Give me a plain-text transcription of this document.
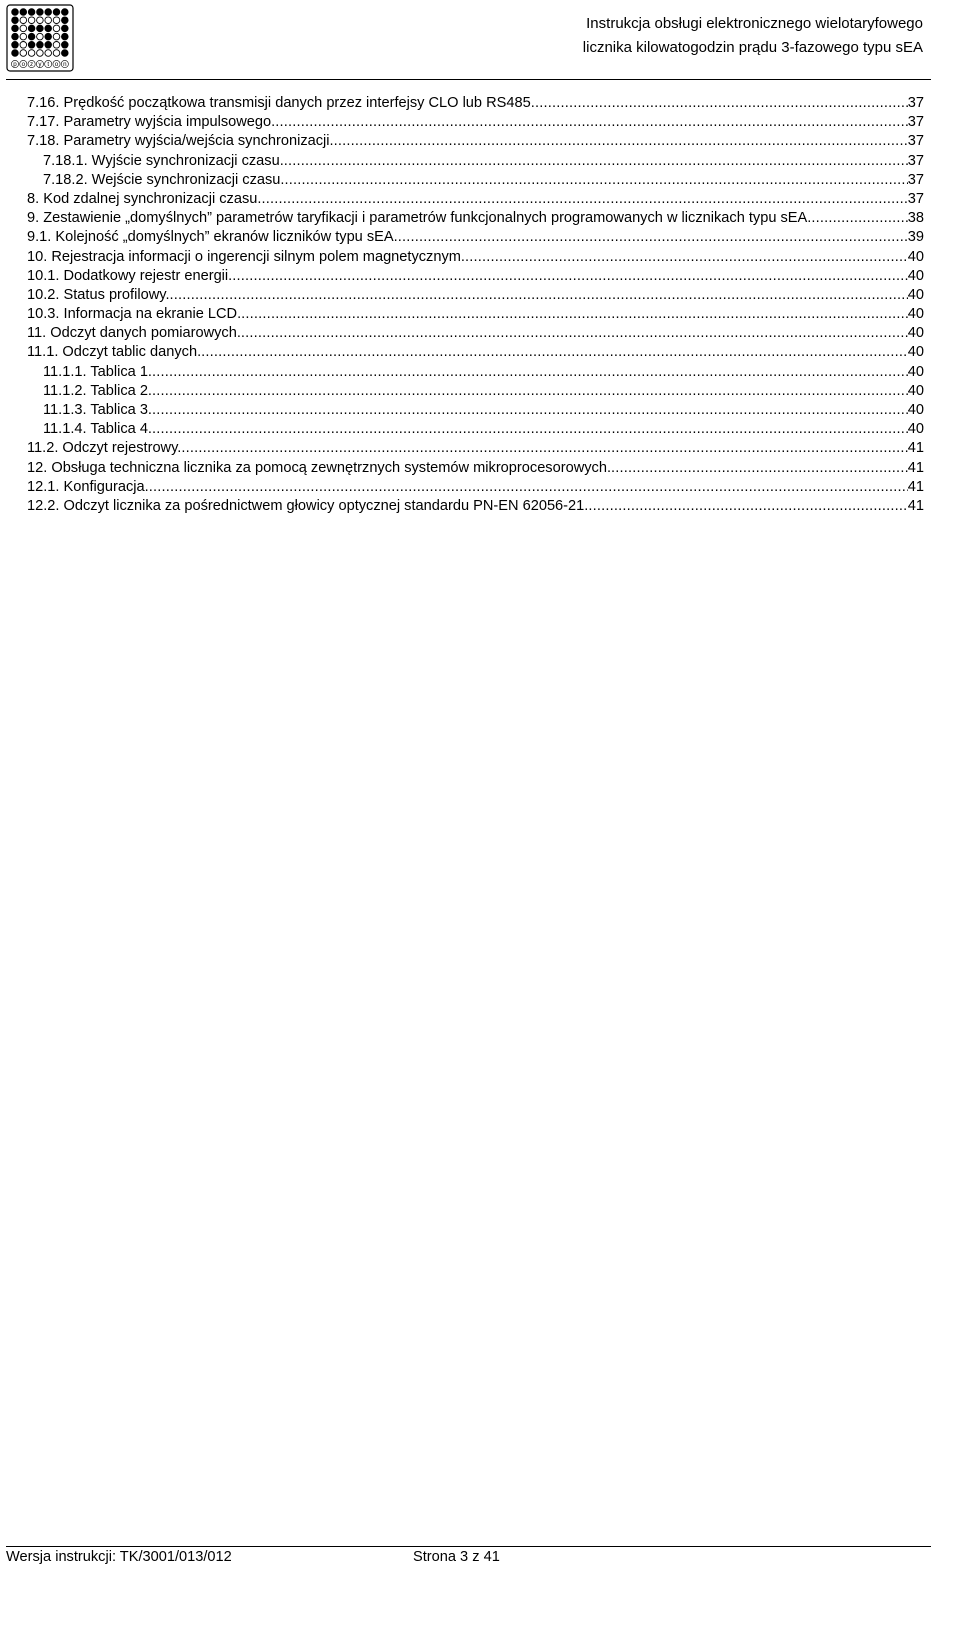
p o z y t o n
Instrukcja obsługi elektronicznego wielotaryfowego
licznika kilowatogodzin prądu 3-fazowego typu sEA
7.16. Prędkość początkowa transmisji danych przez interfejsy CLO lub RS485 .....	37
7.17. Parametry wyjścia impulsowego. .....	37
7.18. Parametry wyjścia/wejścia synchronizacji. .....	37
7.18.1. Wyjście synchronizacji czasu. .....	37
7.18.2. Wejście synchronizacji czasu. .....	37
8. Kod zdalnej synchronizacji czasu. .....	37
9. Zestawienie „domyślnych” parametrów taryfikacji i parametrów funkcjonalnych programowanych w licznikach typu sEA. .....	38
9.1. Kolejność „domyślnych” ekranów liczników typu sEA. .....	39
10. Rejestracja informacji o ingerencji silnym polem magnetycznym. .....	40
10.1. Dodatkowy rejestr energii. .....	40
10.2. Status profilowy. .....	40
10.3. Informacja na ekranie LCD. .....	40
11. Odczyt danych pomiarowych. .....	40
11.1. Odczyt tablic danych. .....	40
11.1.1. Tablica 1. .....	40
11.1.2. Tablica 2. .....	40
11.1.3. Tablica 3. .....	40
11.1.4. Tablica 4. .....	40
11.2. Odczyt rejestrowy. .....	41
12. Obsługa techniczna licznika za pomocą zewnętrznych systemów mikroprocesorowych. .....	41
12.1. Konfiguracja. .....	41
12.2. Odczyt licznika za pośrednictwem głowicy optycznej standardu PN-EN 62056-21. .....	41
Wersja instrukcji: TK/3001/013/012	Strona 3 z 41
